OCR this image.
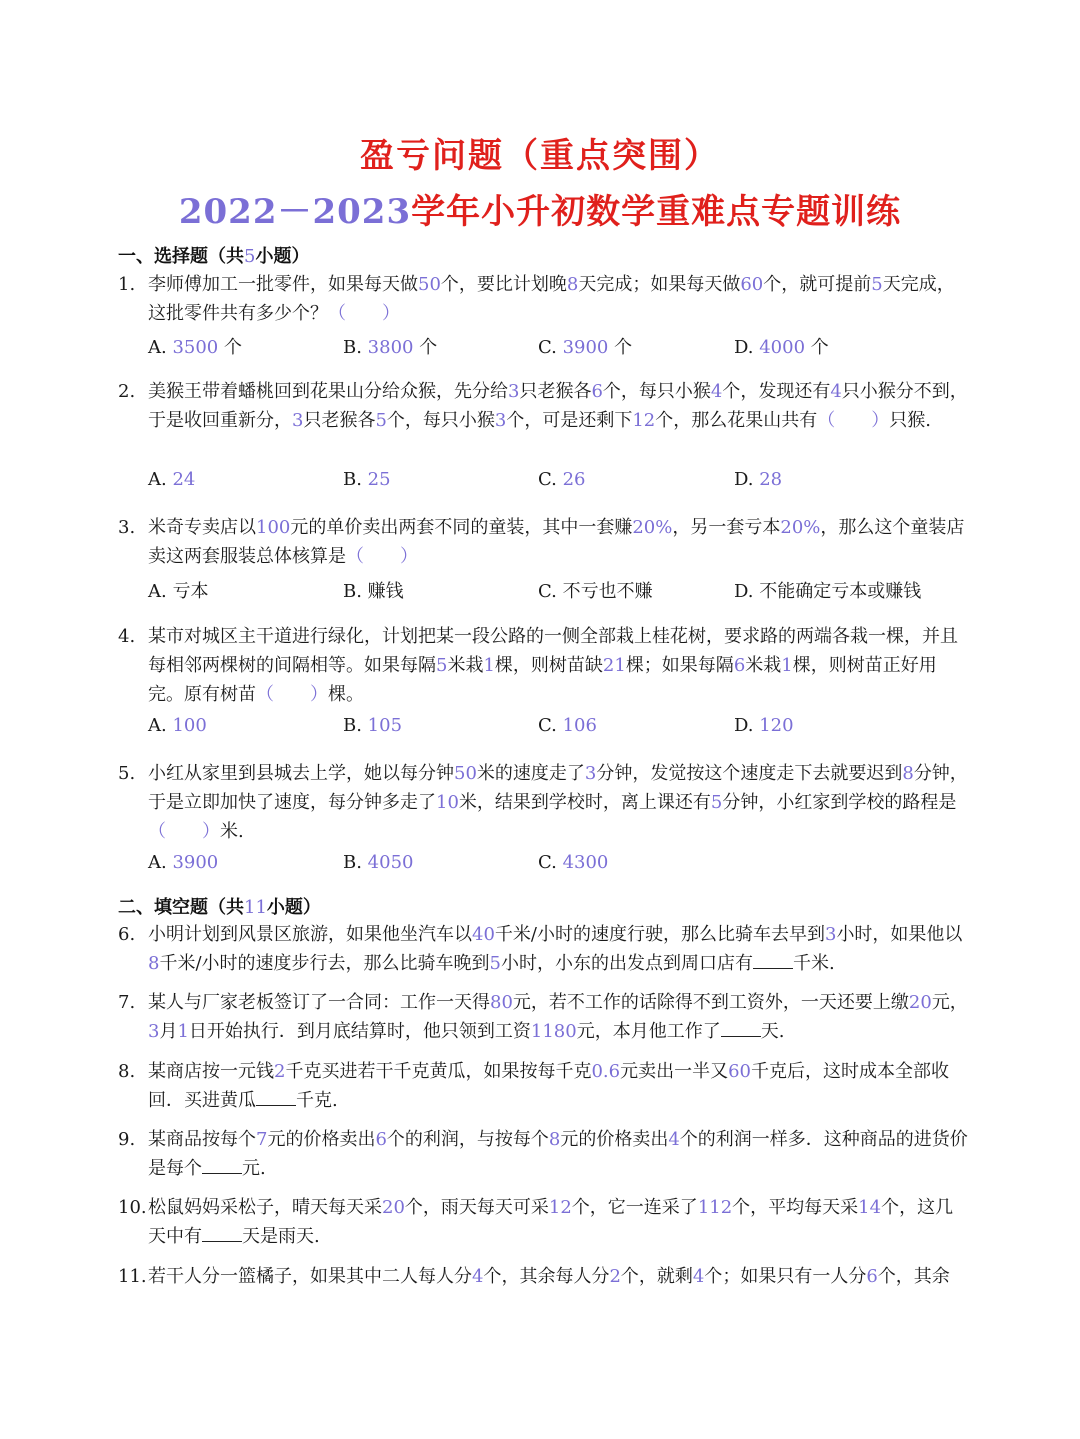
盈亏问题（重点突围）
2022－2023学年小升初数学重难点专题训练
一、选择题（共5小题）
1. 李师傅加工一批零件，如果每天做50个，要比计划晚8天完成；如果每天做60个，就可提前5天完成，这批零件共有多少个？（　　）
A. 3500 个	B. 3800 个	C. 3900 个	D. 4000 个
2. 美猴王带着蟠桃回到花果山分给众猴，先分给3只老猴各6个，每只小猴4个，发现还有4只小猴分不到，于是收回重新分，3只老猴各5个，每只小猴3个，可是还剩下12个，那么花果山共有（　　）只猴.
A. 24	B. 25	C. 26	D. 28
3. 米奇专卖店以100元的单价卖出两套不同的童装，其中一套赚20%，另一套亏本20%，那么这个童装店卖这两套服装总体核算是（　　）
A. 亏本	B. 赚钱	C. 不亏也不赚	D. 不能确定亏本或赚钱
4. 某市对城区主干道进行绿化，计划把某一段公路的一侧全部栽上桂花树，要求路的两端各栽一棵，并且每相邻两棵树的间隔相等。如果每隔5米栽1棵，则树苗缺21棵；如果每隔6米栽1棵，则树苗正好用完。原有树苗（　　）棵。
A. 100	B. 105	C. 106	D. 120
5. 小红从家里到县城去上学，她以每分钟50米的速度走了3分钟，发觉按这个速度走下去就要迟到8分钟，于是立即加快了速度，每分钟多走了10米，结果到学校时，离上课还有5分钟，小红家到学校的路程是（　　）米.
A. 3900	B. 4050	C. 4300
二、填空题（共11小题）
6. 小明计划到风景区旅游，如果他坐汽车以40千米/小时的速度行驶，那么比骑车去早到3小时，如果他以8千米/小时的速度步行去，那么比骑车晚到5小时，小东的出发点到周口店有 千米.
7. 某人与厂家老板签订了一合同：工作一天得80元，若不工作的话除得不到工资外，一天还要上缴20元，3月1日开始执行．到月底结算时，他只领到工资1180元，本月他工作了 天.
8. 某商店按一元钱2千克买进若干千克黄瓜，如果按每千克0.6元卖出一半又60千克后，这时成本全部收回．买进黄瓜 千克.
9. 某商品按每个7元的价格卖出6个的利润，与按每个8元的价格卖出4个的利润一样多．这种商品的进货价是每个 元.
10. 松鼠妈妈采松子，晴天每天采20个，雨天每天可采12个，它一连采了112个，平均每天采14个，这几天中有 天是雨天.
11. 若干人分一篮橘子，如果其中二人每人分4个，其余每人分2个，就剩4个；如果只有一人分6个，其余
